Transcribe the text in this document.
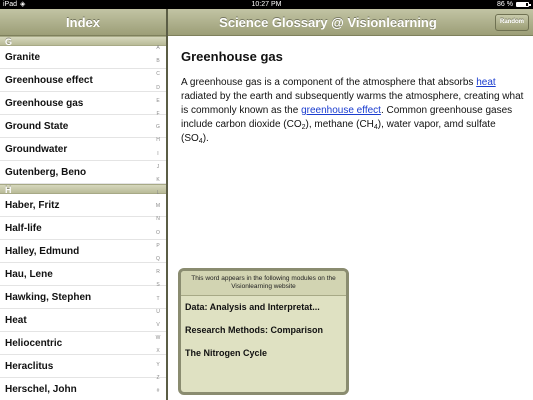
iPad ◈	10:27 PM	86 %
Index
G
Granite
Greenhouse effect
Greenhouse gas
Ground State
Groundwater
Gutenberg, Beno
H
Haber, Fritz
Half-life
Halley, Edmund
Hau, Lene
Hawking, Stephen
Heat
Heliocentric
Heraclitus
Herschel, John
A
B
C
D
E
F
G
H
I
J
K
L
M
N
O
P
Q
R
S
T
U
V
W
X
Y
Z
#
Science Glossary @ Visionlearning	Random
Greenhouse gas
A greenhouse gas is a component of the atmosphere that absorbs heat radiated by the earth and subsequently warms the atmosphere, creating what is commonly known as the greenhouse effect. Common greenhouse gases include carbon dioxide $(CO_2)$, methane $(CH_4)$, water vapor, amd sulfate $(SO_4)$.
This word appears in the following modules on the Visionlearning website
Data: Analysis and Interpretat...
Research Methods: Comparison
The Nitrogen Cycle
